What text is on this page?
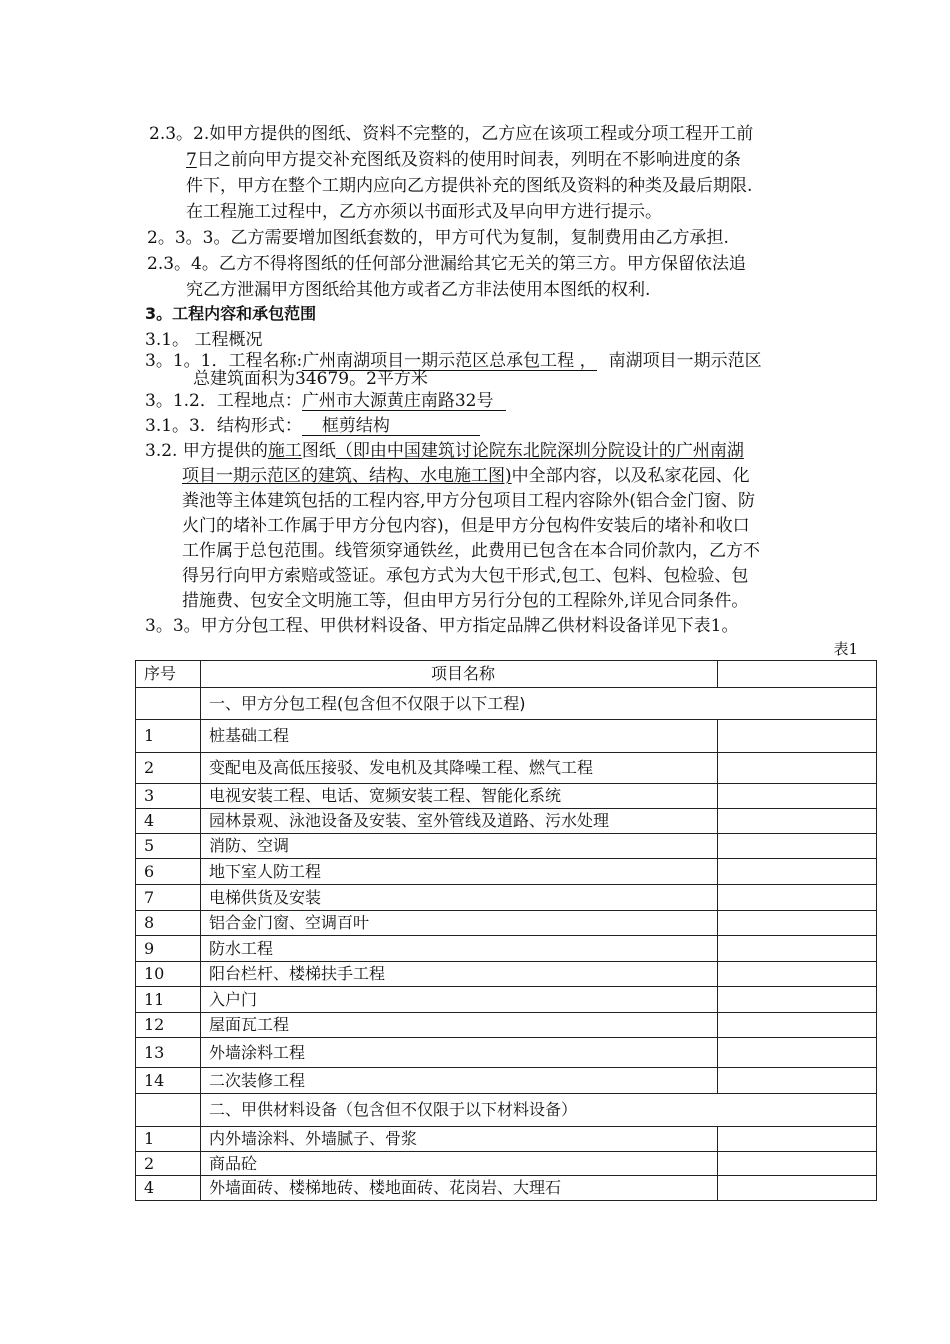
2.3。2.如甲方提供的图纸、资料不完整的，乙方应在该项工程或分项工程开工前
7日之前向甲方提交补充图纸及资料的使用时间表，列明在不影响进度的条
件下，甲方在整个工期内应向乙方提供补充的图纸及资料的种类及最后期限.
在工程施工过程中，乙方亦须以书面形式及早向甲方进行提示。
2。3。3。乙方需要增加图纸套数的，甲方可代为复制，复制费用由乙方承担.
2.3。4。乙方不得将图纸的任何部分泄漏给其它无关的第三方。甲方保留依法追
究乙方泄漏甲方图纸给其他方或者乙方非法使用本图纸的权利.
3。工程内容和承包范围
3.1。 工程概况
3。1。1．工程名称:广州南湖项目一期示范区总承包工程 ， 南湖项目一期示范区
总建筑面积为34679。2平方米
3。1.2．工程地点：广州市大源黄庄南路32号
3.1。3．结构形式： 框剪结构
3.2. 甲方提供的施工图纸（即由中国建筑讨论院东北院深圳分院设计的广州南湖
项目一期示范区的建筑、结构、水电施工图)中全部内容，以及私家花园、化
粪池等主体建筑包括的工程内容,甲方分包项目工程内容除外(铝合金门窗、防
火门的堵补工作属于甲方分包内容)，但是甲方分包构件安装后的堵补和收口
工作属于总包范围。线管须穿通铁丝，此费用已包含在本合同价款内，乙方不
得另行向甲方索赔或签证。承包方式为大包干形式,包工、包料、包检验、包
措施费、包安全文明施工等，但由甲方另行分包的工程除外,详见合同条件。
3。3。甲方分包工程、甲供材料设备、甲方指定品牌乙供材料设备详见下表1。
表1
序号	项目名称	
	一、甲方分包工程(包含但不仅限于以下工程)	
1	桩基础工程	
2	变配电及高低压接驳、发电机及其降噪工程、燃气工程	
3	电视安装工程、电话、宽频安装工程、智能化系统	
4	园林景观、泳池设备及安装、室外管线及道路、污水处理	
5	消防、空调	
6	地下室人防工程	
7	电梯供货及安装	
8	铝合金门窗、空调百叶	
9	防水工程	
10	阳台栏杆、楼梯扶手工程	
11	入户门	
12	屋面瓦工程	
13	外墙涂料工程	
14	二次装修工程	
	二、甲供材料设备（包含但不仅限于以下材料设备）	
1	内外墙涂料、外墙腻子、骨浆	
2	商品砼	
4	外墙面砖、楼梯地砖、楼地面砖、花岗岩、大理石	
